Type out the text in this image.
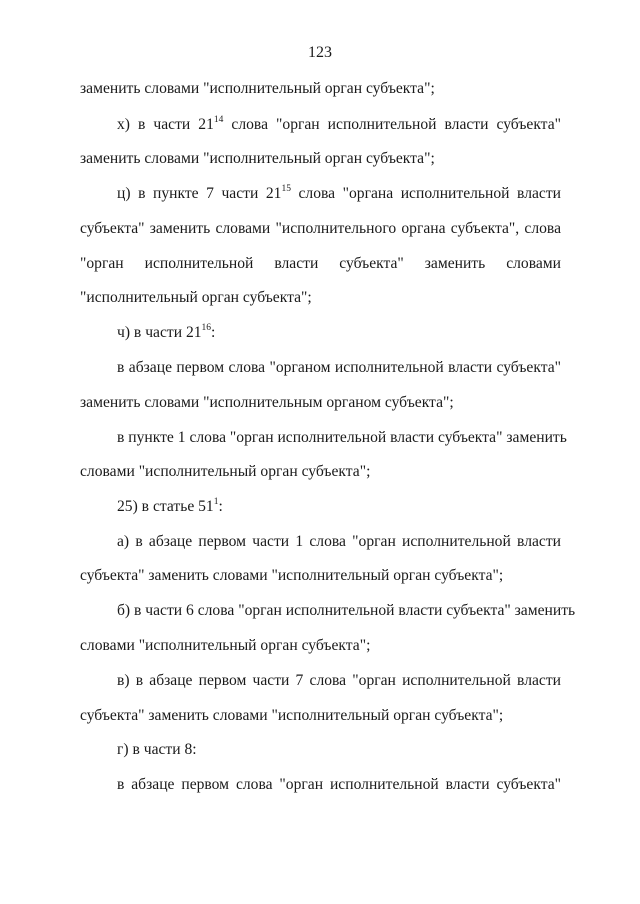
123
заменить словами "исполнительный орган субъекта";
х) в части $21^{14}$ слова "орган исполнительной власти субъекта"
заменить словами "исполнительный орган субъекта";
ц) в пункте 7 части $21^{15}$ слова "органа исполнительной власти
субъекта" заменить словами "исполнительного органа субъекта", слова
"орган исполнительной власти субъекта" заменить словами
"исполнительный орган субъекта";
ч) в части $21^{16}$:
в абзаце первом слова "органом исполнительной власти субъекта"
заменить словами "исполнительным органом субъекта";
в пункте 1 слова "орган исполнительной власти субъекта" заменить
словами "исполнительный орган субъекта";
25) в статье $51^1$:
а) в абзаце первом части 1 слова "орган исполнительной власти
субъекта" заменить словами "исполнительный орган субъекта";
б) в части 6 слова "орган исполнительной власти субъекта" заменить
словами "исполнительный орган субъекта";
в) в абзаце первом части 7 слова "орган исполнительной власти
субъекта" заменить словами "исполнительный орган субъекта";
г) в части 8:
в абзаце первом слова "орган исполнительной власти субъекта"
